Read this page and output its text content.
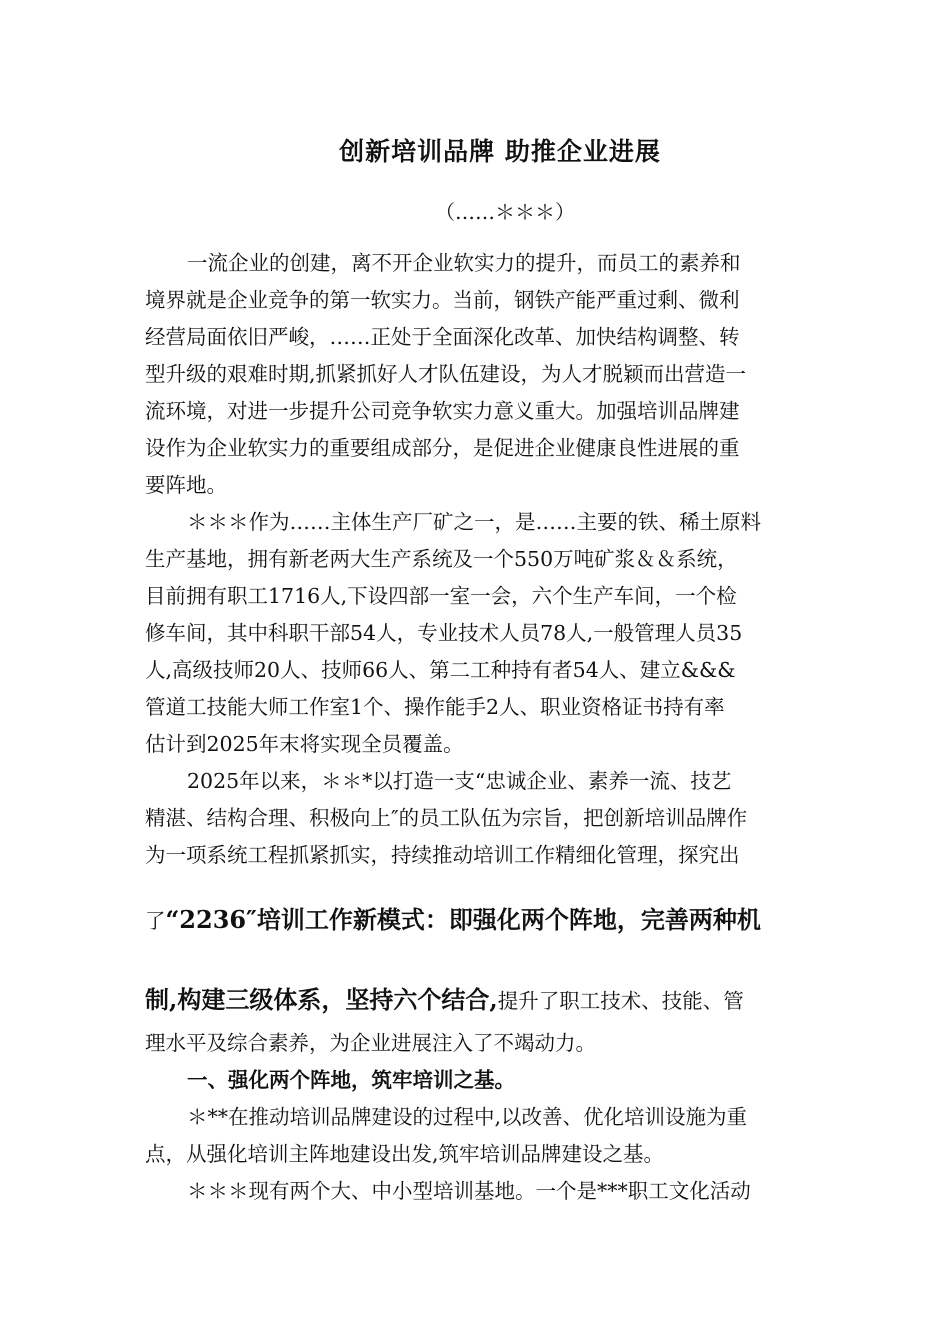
创新培训品牌 助推企业进展
（……＊＊＊）
一流企业的创建，离不开企业软实力的提升，而员工的素养和
境界就是企业竞争的第一软实力。当前，钢铁产能严重过剩、微利
经营局面依旧严峻，……正处于全面深化改革、加快结构调整、转
型升级的艰难时期,抓紧抓好人才队伍建设，为人才脱颖而出营造一
流环境，对进一步提升公司竞争软实力意义重大。加强培训品牌建
设作为企业软实力的重要组成部分，是促进企业健康良性进展的重
要阵地。
＊＊＊作为……主体生产厂矿之一，是……主要的铁、稀土原料
生产基地，拥有新老两大生产系统及一个550万吨矿浆＆＆系统，
目前拥有职工1716人,下设四部一室一会，六个生产车间，一个检
修车间，其中科职干部54人，专业技术人员78人,一般管理人员35
人,高级技师20人、技师66人、第二工种持有者54人、建立&&&
管道工技能大师工作室1个、操作能手2人、职业资格证书持有率
估计到2025年末将实现全员覆盖。
2025年以来，＊＊*以打造一支“忠诚企业、素养一流、技艺
精湛、结构合理、积极向上″的员工队伍为宗旨，把创新培训品牌作
为一项系统工程抓紧抓实，持续推动培训工作精细化管理，探究出
了“2236″培训工作新模式：即强化两个阵地，完善两种机
制,构建三级体系，坚持六个结合,提升了职工技术、技能、管
理水平及综合素养，为企业进展注入了不竭动力。
一、强化两个阵地，筑牢培训之基。
＊**在推动培训品牌建设的过程中,以改善、优化培训设施为重
点，从强化培训主阵地建设出发,筑牢培训品牌建设之基。
＊＊＊现有两个大、中小型培训基地。一个是***职工文化活动
